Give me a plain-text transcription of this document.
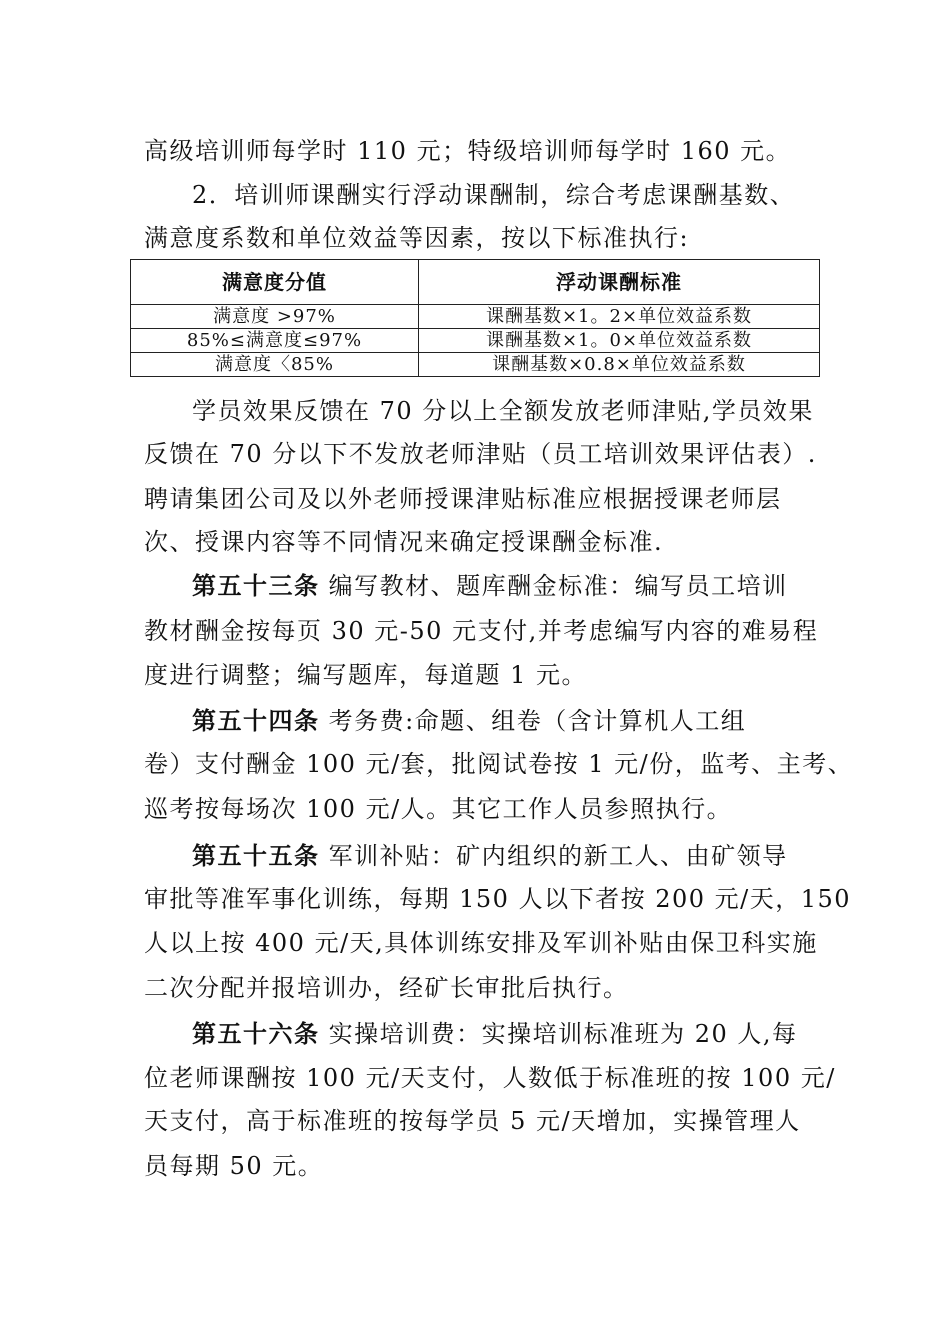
高级培训师每学时 110 元；特级培训师每学时 160 元。
2．培训师课酬实行浮动课酬制，综合考虑课酬基数、
满意度系数和单位效益等因素，按以下标准执行:
满意度分值	浮动课酬标准
满意度 >97%	课酬基数×1。2×单位效益系数
85%≤满意度≤97%	课酬基数×1。0×单位效益系数
满意度〈85%	课酬基数×0.8×单位效益系数
学员效果反馈在 70 分以上全额发放老师津贴,学员效果
反馈在 70 分以下不发放老师津贴（员工培训效果评估表）.
聘请集团公司及以外老师授课津贴标准应根据授课老师层
次、授课内容等不同情况来确定授课酬金标准.
第五十三条 编写教材、题库酬金标准：编写员工培训
教材酬金按每页 30 元-50 元支付,并考虑编写内容的难易程
度进行调整；编写题库，每道题 1 元。
第五十四条 考务费:命题、组卷（含计算机人工组
卷）支付酬金 100 元/套，批阅试卷按 1 元/份，监考、主考、
巡考按每场次 100 元/人。其它工作人员参照执行。
第五十五条 军训补贴：矿内组织的新工人、由矿领导
审批等准军事化训练，每期 150 人以下者按 200 元/天，150
人以上按 400 元/天,具体训练安排及军训补贴由保卫科实施
二次分配并报培训办，经矿长审批后执行。
第五十六条 实操培训费：实操培训标准班为 20 人,每
位老师课酬按 100 元/天支付，人数低于标准班的按 100 元/
天支付，高于标准班的按每学员 5 元/天增加，实操管理人
员每期 50 元。
